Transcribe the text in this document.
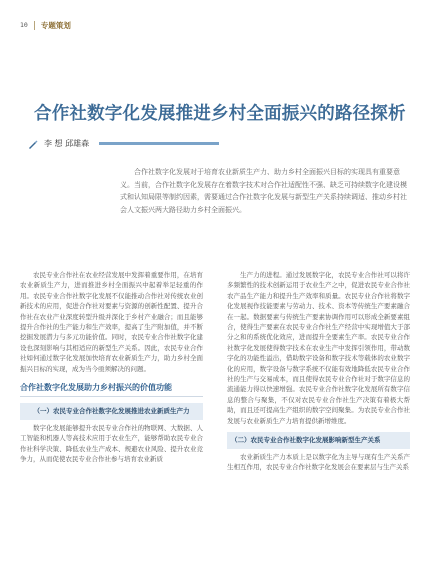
10 专题策划
合作社数字化发展推进乡村全面振兴的路径探析
李 想 邱雄森

合作社数字化发展对于培育农业新质生产力、助力乡村全面振兴目标的实现具有重要意义。当前，合作社数字化发展存在着数字技术对合作社适配性不强、缺乏可持续数字化建设模式和认知局限等制约因素，需要通过合作社数字化发展与新型生产关系持续调适、推动乡村社会人文振兴两大路径助力乡村全面振兴。

农民专业合作社在农业经营发展中发挥着重要作用，在培育农业新质生产力，进而推进乡村全面振兴中起着举足轻重的作用。农民专业合作社数字化发展不仅能推动合作社对传统农业创新技术的应用，促进合作社对要素与资源的创新性配置、提升合作社在农业产业深度转型升级并深化于乡村产业融合；而且能够提升合作社的生产能力和生产效率，提高了生产附加值，并不断挖掘发展潜力与多元功能价值。同时，农民专业合作社数字化建设也深刻影响与其相适应的新型生产关系。因此，农民专业合作社如何通过数字化发展加快培育农业新质生产力，助力乡村全面振兴目标的实现，成为当今亟须解决的问题。

合作社数字化发展助力乡村振兴的价值功能
（一）农民专业合作社数字化发展推进农业新质生产力

数字化发展能够提升农民专业合作社的物联网、大数据、人工智能和机器人等高技术应用于农业生产，能够帮助农民专业合作社科学决策、降低农业生产成本、规避农业风险、提升农业竞争力，从而促使农民专业合作社参与培育农业新质

生产力的进程。通过发展数字化，农民专业合作社可以将许多频繁性的技术创新运用于农业生产之中，促进农民专业合作社农产品生产能力和提升生产效率和质量。农民专业合作社将数字化发展视作技能要素与劳动力、技术、资本等传统生产要素融合在一起。数据要素与传统生产要素协调作用可以形成全新要素组合，使得生产要素在农民专业合作社生产经营中实现增值大于部分之和的系统优化效应，进而提升全要素生产率。农民专业合作社数字化发展使得数字技术在农业生产中发挥引领作用，带动数字化的功能性溢出，借助数字设备和数字技术等载体的农业数字化的应用，数字设备与数字系统不仅能有效地降低农民专业合作社的生产与交易成本，而且使得农民专业合作社对于数字信息的流通能力得以快速增强。农民专业合作社数字化发展所有数字信息的整合与聚集，不仅对农民专业合作社生产决策有着极大帮助，而且还可提高生产组织的数字空间聚集。为农民专业合作社发展与农业新质生产力培育提供新增维度。

（二）农民专业合作社数字化发展影响新型生产关系

农业新质生产力本质上是以数字化为主导与现有生产关系产生相互作用，农民专业合作社数字化发展会在要素层与生产关系
